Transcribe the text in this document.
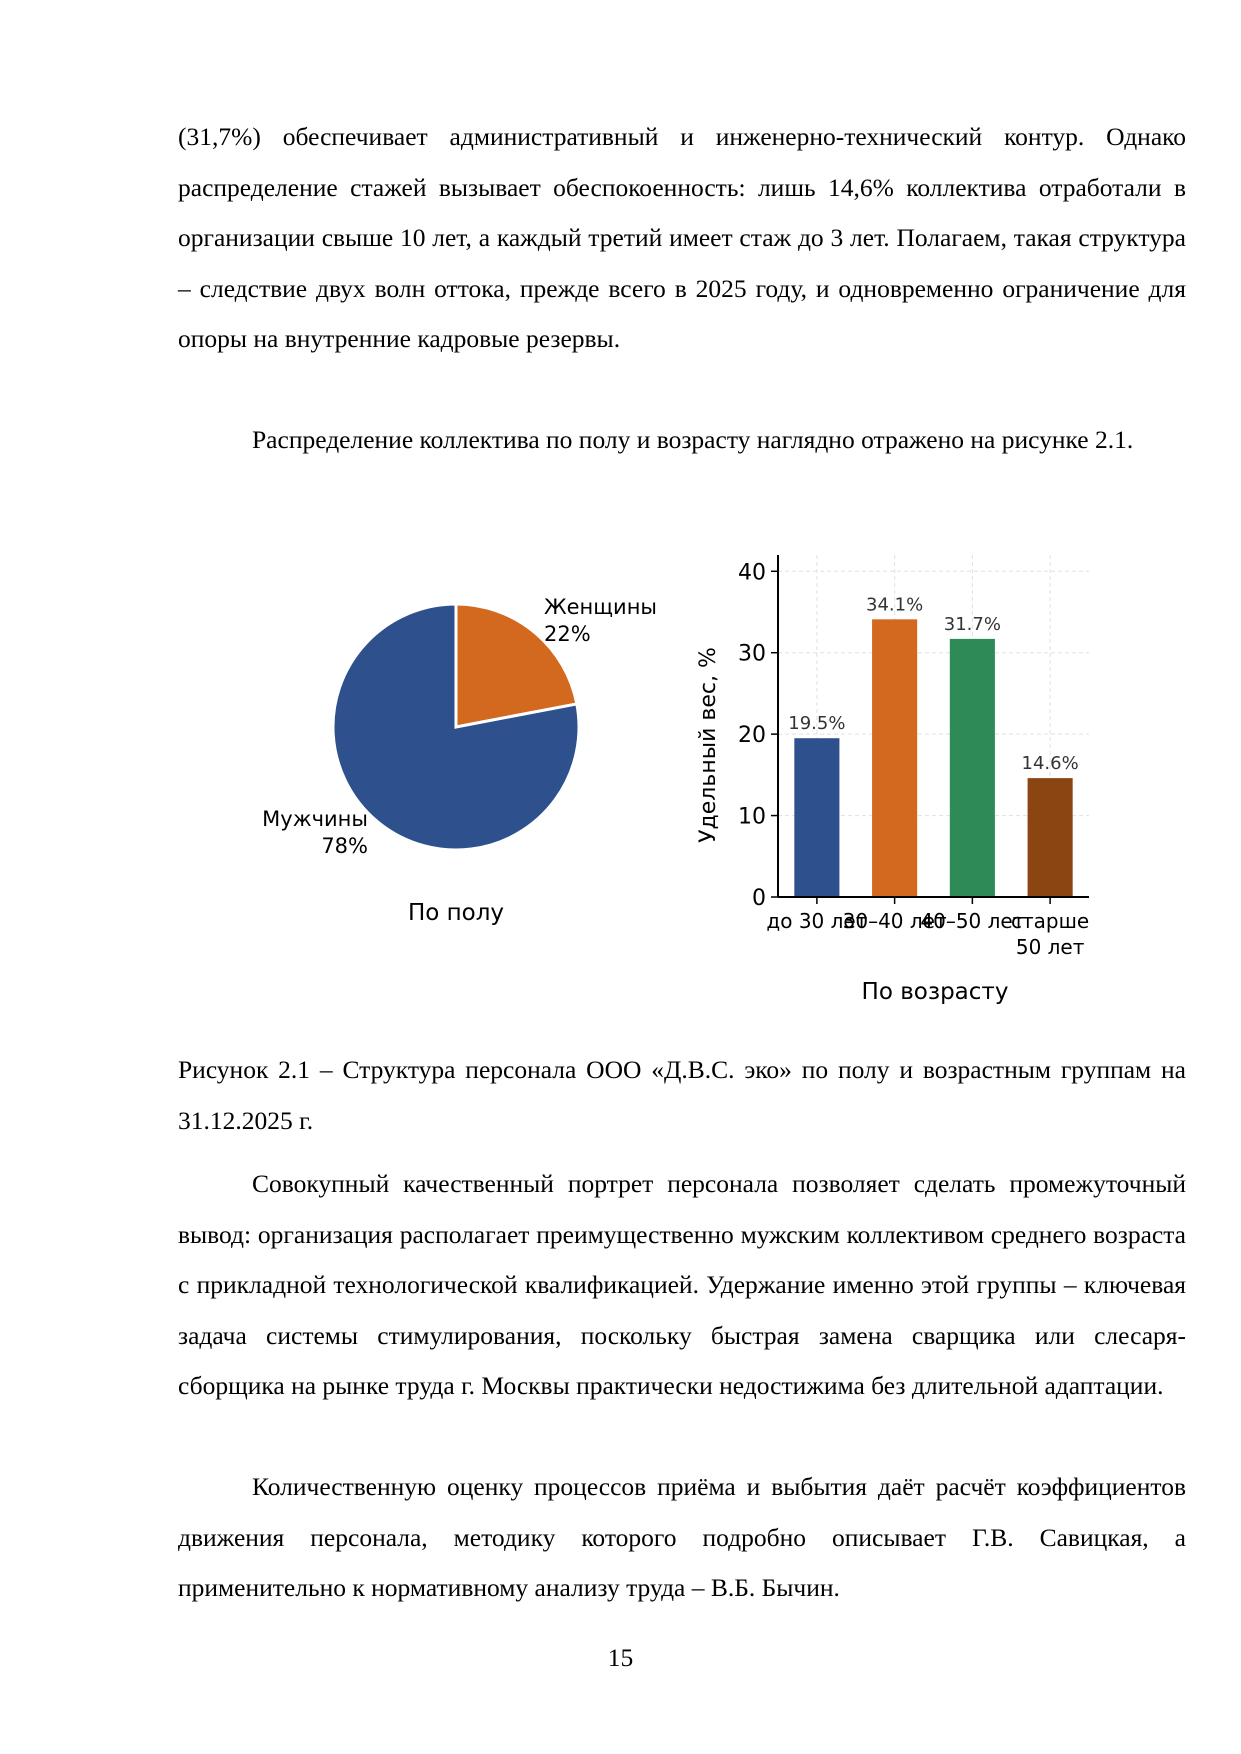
(31,7%) обеспечивает административный и инженерно-технический контур. Однако распределение стажей вызывает обеспокоенность: лишь 14,6% коллектива отработали в организации свыше 10 лет, а каждый третий имеет стаж до 3 лет. Полагаем, такая структура – следствие двух волн оттока, прежде всего в 2025 году, и одновременно ограничение для опоры на внутренние кадровые резервы.

Распределение коллектива по полу и возрасту наглядно отражено на рисунке 2.1.

Женщины
22%
Мужчины
78%
По полу
19.5%
34.1%
31.7%
14.6%
0
10
20
30
40
до 30 лет
30–40 лет
40–50 лет
старше
50 лет
Удельный вес, %
По возрасту

Рисунок 2.1 – Структура персонала ООО «Д.В.С. эко» по полу и возрастным группам на 31.12.2025 г.

Совокупный качественный портрет персонала позволяет сделать промежуточный вывод: организация располагает преимущественно мужским коллективом среднего возраста с прикладной технологической квалификацией. Удержание именно этой группы – ключевая задача системы стимулирования, поскольку быстрая замена сварщика или слесаря-сборщика на рынке труда г. Москвы практически недостижима без длительной адаптации.

Количественную оценку процессов приёма и выбытия даёт расчёт коэффициентов движения персонала, методику которого подробно описывает Г.В. Савицкая, а применительно к нормативному анализу труда – В.Б. Бычин.

15
